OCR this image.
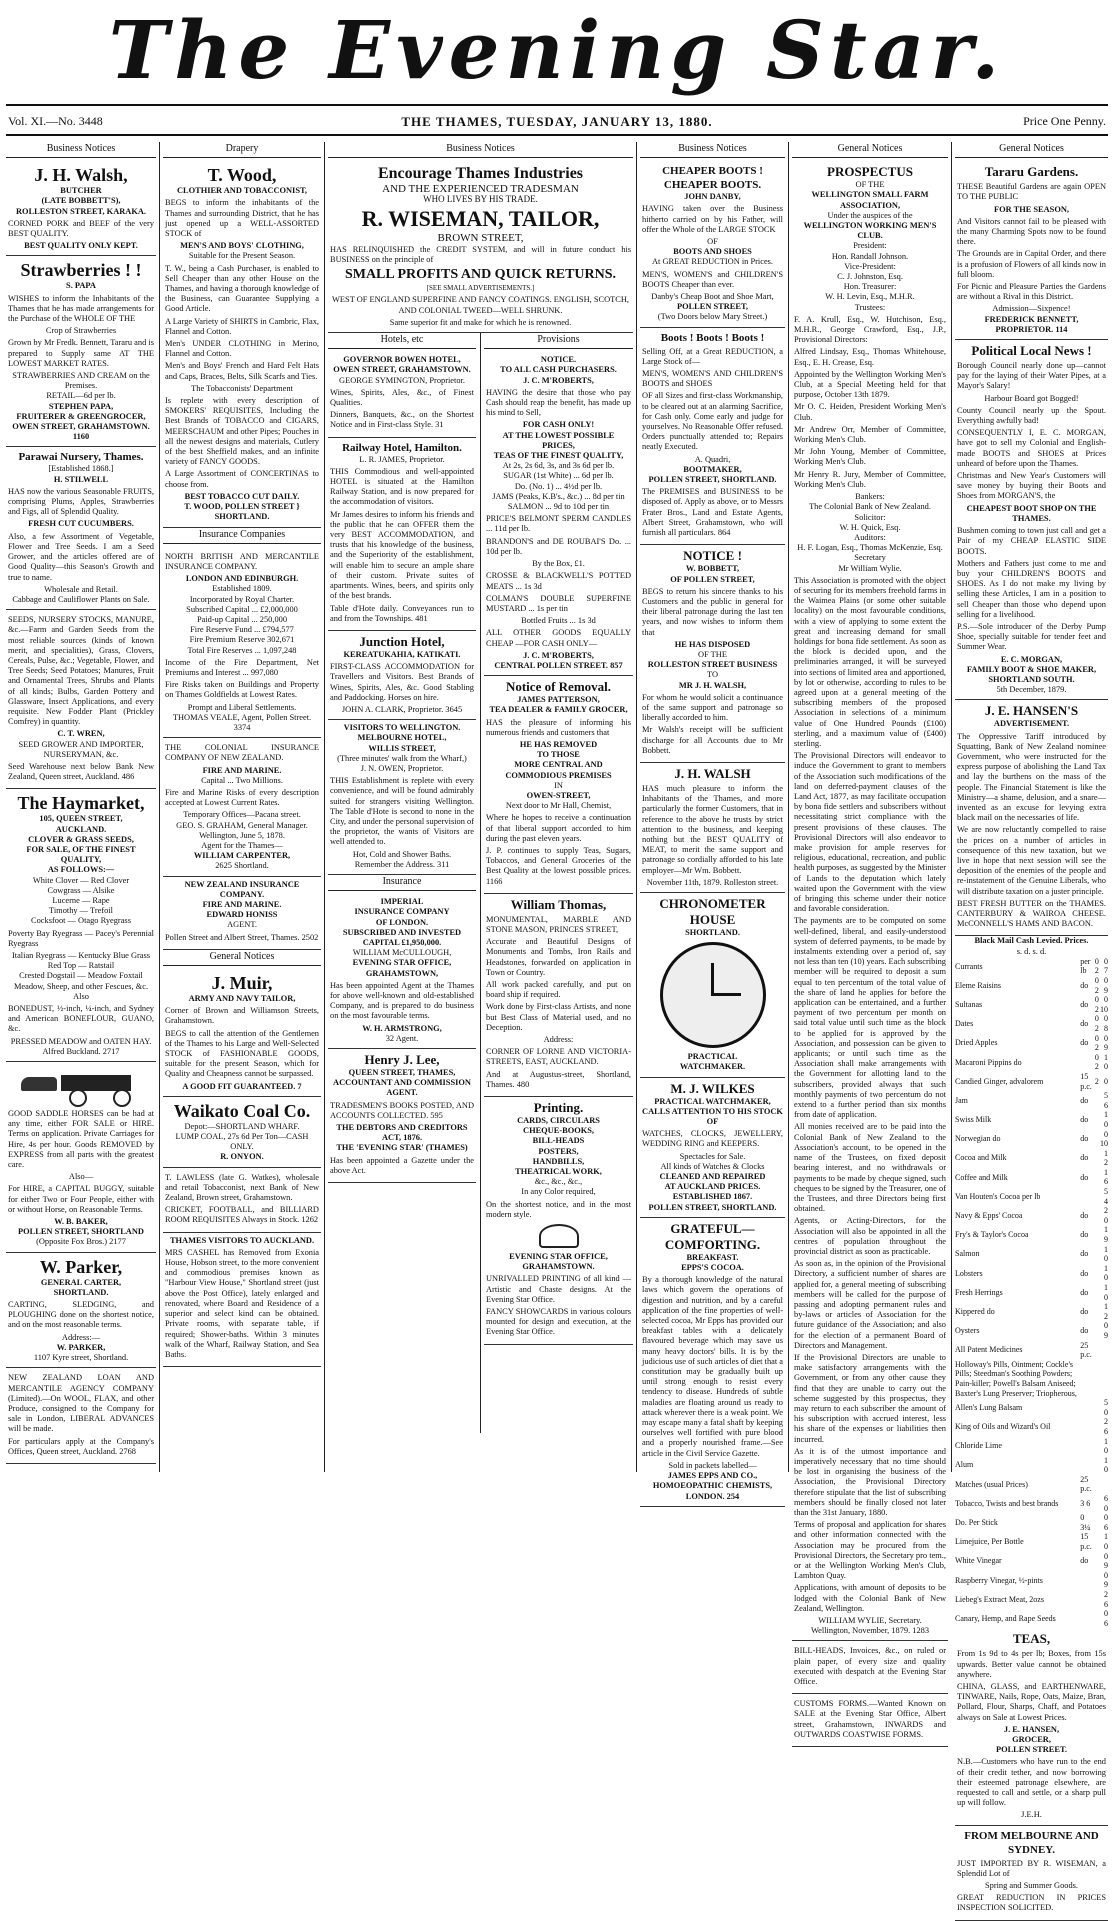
The Evening Star.
Vol. XI.—No. 3448	THE THAMES, TUESDAY, JANUARY 13, 1880.	Price One Penny.
Business Notices
J. H. Walsh,
BUTCHER
(LATE BOBBETT'S),
ROLLESTON STREET, KARAKA.
CORNED PORK and BEEF of the very BEST QUALITY.
BEST QUALITY ONLY KEPT.
Strawberries ! !
S. PAPA
WISHES to inform the Inhabitants of the Thames that he has made arrangements for the Purchase of the WHOLE OF THE
Crop of Strawberries
Grown by Mr Fredk. Bennett, Tararu and is prepared to Supply same AT THE LOWEST MARKET RATES.
STRAWBERRIES AND CREAM on the Premises.
RETAIL—6d per lb.
STEPHEN PAPA,
FRUITERER & GREENGROCER,
OWEN STREET, GRAHAMSTOWN. 1160
Parawai Nursery, Thames.
[Established 1868.]
H. STILWELL
HAS now the various Seasonable FRUITS, comprising Plums, Apples, Strawberries and Figs, all of Splendid Quality.
FRESH CUT CUCUMBERS.
Also, a few Assortment of Vegetable, Flower and Tree Seeds. I am a Seed Grower, and the articles offered are of Good Quality—this Season's Growth and true to name.
Wholesale and Retail.
Cabbage and Cauliflower Plants on Sale.
SEEDS, NURSERY STOCKS, MANURE, &c.—Farm and Garden Seeds from the most reliable sources (kinds of known merit, and specialities), Grass, Clovers, Cereals, Pulse, &c.; Vegetable, Flower, and Tree Seeds; Seed Potatoes; Manures, Fruit and Ornamental Trees, Shrubs and Plants of all kinds; Bulbs, Garden Pottery and Glassware, Insect Applications, and every requisite. New Fodder Plant (Prickley Comfrey) in quantity.
C. T. WREN,
SEED GROWER AND IMPORTER, NURSERYMAN, &c.
Seed Warehouse next below Bank New Zealand, Queen street, Auckland. 486
The Haymarket,
105, QUEEN STREET,
AUCKLAND.
CLOVER & GRASS SEEDS,
FOR SALE, OF THE FINEST QUALITY,
AS FOLLOWS:—
White Clover — Red Clover
Cowgrass — Alsike
Lucerne — Rape
Timothy — Trefoil
Cocksfoot — Otago Ryegrass
Poverty Bay Ryegrass — Pacey's Perennial Ryegrass
Italian Ryegrass — Kentucky Blue Grass
Red Top — Ratstail
Crested Dogstail — Meadow Foxtail
Meadow, Sheep, and other Fescues, &c.
Also
BONEDUST, ½-inch, ¼-inch, and Sydney and American BONEFLOUR, GUANO, &c.
PRESSED MEADOW and OATEN HAY.
Alfred Buckland. 2717
GOOD SADDLE HORSES can be had at any time, either FOR SALE or HIRE. Terms on application. Private Carriages for Hire, 4s per hour. Goods REMOVED by EXPRESS from all parts with the greatest care.
Also—
For HIRE, a CAPITAL BUGGY, suitable for either Two or Four People, either with or without Horse, on Reasonable Terms.
W. B. BAKER,
POLLEN STREET, SHORTLAND
(Opposite Fox Bros.) 2177
W. Parker,
GENERAL CARTER,
SHORTLAND.
CARTING, SLEDGING, and PLOUGHING done on the shortest notice, and on the most reasonable terms.
Address:—
W. PARKER,
1107 Kyre street, Shortland.
NEW ZEALAND LOAN AND MERCANTILE AGENCY COMPANY (Limited).—On WOOL, FLAX, and other Produce, consigned to the Company for sale in London, LIBERAL ADVANCES will be made.
For particulars apply at the Company's Offices, Queen street, Auckland. 2768
Drapery
T. Wood,
CLOTHIER AND TOBACCONIST,
BEGS to inform the inhabitants of the Thames and surrounding District, that he has just opened up a WELL-ASSORTED STOCK of
MEN'S AND BOYS' CLOTHING,
Suitable for the Present Season.
T. W., being a Cash Purchaser, is enabled to Sell Cheaper than any other House on the Thames, and having a thorough knowledge of the Business, can Guarantee Supplying a Good Article.
A Large Variety of SHIRTS in Cambric, Flax, Flannel and Cotton.
Men's UNDER CLOTHING in Merino, Flannel and Cotton.
Men's and Boys' French and Hard Felt Hats and Caps, Braces, Belts, Silk Scarfs and Ties.
The Tobacconists' Department
Is replete with every description of SMOKERS' REQUISITES, Including the Best Brands of TOBACCO and CIGARS, MEERSCHAUM and other Pipes; Pouches in all the newest designs and materials, Cutlery of the best Sheffield makes, and an infinite variety of FANCY GOODS.
A Large Assortment of CONCERTINAS to choose from.
BEST TOBACCO CUT DAILY.
T. WOOD, POLLEN STREET } SHORTLAND.
Insurance Companies
NORTH BRITISH AND MERCANTILE INSURANCE COMPANY.
LONDON AND EDINBURGH.
Established 1809.
Incorporated by Royal Charter.
Subscribed Capital ... £2,000,000
Paid-up Capital ... 250,000
Fire Reserve Fund ... £794,577
Fire Premium Reserve 302,671
Total Fire Reserves ... 1,097,248
Income of the Fire Department, Net Premiums and Interest ... 997,080
Fire Risks taken on Buildings and Property on Thames Goldfields at Lowest Rates.
Prompt and Liberal Settlements.
THOMAS VEALE, Agent, Pollen Street. 3374
THE COLONIAL INSURANCE COMPANY OF NEW ZEALAND.
FIRE AND MARINE.
Capital ... Two Millions.
Fire and Marine Risks of every description accepted at Lowest Current Rates.
Temporary Offices—Pacana street.
GEO. S. GRAHAM, General Manager.
Wellington, June 5, 1878.
Agent for the Thames—
WILLIAM CARPENTER,
2625 Shortland.
NEW ZEALAND INSURANCE COMPANY.
FIRE AND MARINE.
EDWARD HONISS
AGENT.
Pollen Street and Albert Street, Thames. 2502
General Notices
J. Muir,
ARMY AND NAVY TAILOR,
Corner of Brown and Williamson Streets, Grahamstown.
BEGS to call the attention of the Gentlemen of the Thames to his Large and Well-Selected STOCK of FASHIONABLE GOODS, suitable for the present Season, which for Quality and Cheapness cannot be surpassed.
A GOOD FIT GUARANTEED. 7
Waikato Coal Co.
Depot:—SHORTLAND WHARF.
LUMP COAL, 27s 6d Per Ton—CASH ONLY.
R. ONYON.
T. LAWLESS (late G. Watkes), wholesale and retail Tobacconist, next Bank of New Zealand, Brown street, Grahamstown.
CRICKET, FOOTBALL, and BILLIARD ROOM REQUISITES Always in Stock. 1262
THAMES VISITORS TO AUCKLAND.
MRS CASHEL has Removed from Exonia House, Hobson street, to the more convenient and commodious premises known as "Harbour View House," Shortland street (just above the Post Office), lately enlarged and renovated, where Board and Residence of a superior and select kind can be obtained. Private rooms, with separate table, if required; Shower-baths. Within 3 minutes walk of the Wharf, Railway Station, and Sea Baths.
Business Notices
Encourage Thames Industries
AND THE EXPERIENCED TRADESMAN
WHO LIVES BY HIS TRADE.
R. WISEMAN, TAILOR,
BROWN STREET,
HAS RELINQUISHED the CREDIT SYSTEM, and will in future conduct his BUSINESS on the principle of
SMALL PROFITS AND QUICK RETURNS.
[SEE SMALL ADVERTISEMENTS.]
WEST OF ENGLAND SUPERFINE AND FANCY COATINGS. ENGLISH, SCOTCH, AND COLONIAL TWEED—WELL SHRUNK.
Same superior fit and make for which he is renowned.
Hotels, etc
GOVERNOR BOWEN HOTEL,
OWEN STREET, GRAHAMSTOWN.
GEORGE SYMINGTON, Proprietor.
Wines, Spirits, Ales, &c., of Finest Qualities.
Dinners, Banquets, &c., on the Shortest Notice and in First-class Style. 31
Railway Hotel, Hamilton.
L. R. JAMES, Proprietor.
THIS Commodious and well-appointed HOTEL is situated at the Hamilton Railway Station, and is now prepared for the accommodation of visitors.
Mr James desires to inform his friends and the public that he can OFFER them the very BEST ACCOMMODATION, and trusts that his knowledge of the business, and the Superiority of the establishment, will enable him to secure an ample share of their custom. Private suites of apartments. Wines, beers, and spirits only of the best brands.
Table d'Hote daily. Conveyances run to and from the Townships. 481
Junction Hotel,
KEREATUKAHIA, KATIKATI.
FIRST-CLASS ACCOMMODATION for Travellers and Visitors. Best Brands of Wines, Spirits, Ales, &c. Good Stabling and Paddocking. Horses on hire.
JOHN A. CLARK, Proprietor. 3645
VISITORS TO WELLINGTON.
MELBOURNE HOTEL,
WILLIS STREET,
(Three minutes' walk from the Wharf,)
J. N. OWEN, Proprietor.
THIS Establishment is replete with every convenience, and will be found admirably suited for strangers visiting Wellington. The Table d'Hote is second to none in the City, and under the personal supervision of the proprietor, the wants of Visitors are well attended to.
Hot, Cold and Shower Baths.
Remember the Address. 311
Insurance
IMPERIAL
INSURANCE COMPANY
OF LONDON.
SUBSCRIBED AND INVESTED
CAPITAL £1,950,000.
WILLIAM McCULLOUGH,
EVENING STAR OFFICE,
GRAHAMSTOWN,
Has been appointed Agent at the Thames for above well-known and old-established Company, and is prepared to do business on the most favourable terms.
W. H. ARMSTRONG,
32 Agent.
Henry J. Lee,
QUEEN STREET, THAMES,
ACCOUNTANT AND COMMISSION AGENT.
TRADESMEN'S BOOKS POSTED, AND ACCOUNTS COLLECTED. 595
THE DEBTORS AND CREDITORS ACT, 1876.
THE 'EVENING STAR' (THAMES)
Has been appointed a Gazette under the above Act.
Provisions
NOTICE.
TO ALL CASH PURCHASERS.
J. C. M'ROBERTS,
HAVING the desire that those who pay Cash should reap the benefit, has made up his mind to Sell,
FOR CASH ONLY!
AT THE LOWEST POSSIBLE PRICES,
TEAS OF THE FINEST QUALITY,
At 2s, 2s 6d, 3s, and 3s 6d per lb.
SUGAR (1st White) ... 6d per lb.
Do. (No. 1) ... 4½d per lb.
JAMS (Peaks, K.B's., &c.) ... 8d per tin
SALMON ... 9d to 10d per tin
PRICE'S BELMONT SPERM CANDLES ... 11d per lb.
BRANDON'S and DE ROUBAI'S Do. ... 10d per lb.
By the Box, £1.
CROSSE & BLACKWELL'S POTTED MEATS ... 1s 3d
COLMAN'S DOUBLE SUPERFINE MUSTARD ... 1s per tin
Bottled Fruits ... 1s 3d
ALL OTHER GOODS EQUALLY CHEAP —FOR CASH ONLY—
J. C. M'ROBERTS,
CENTRAL POLLEN STREET. 857
Notice of Removal.
JAMES PATTERSON,
TEA DEALER & FAMILY GROCER,
HAS the pleasure of informing his numerous friends and customers that
HE HAS REMOVED
TO THOSE
MORE CENTRAL AND COMMODIOUS PREMISES
IN
OWEN-STREET,
Next door to Mr Hall, Chemist,
Where he hopes to receive a continuation of that liberal support accorded to him during the past eleven years.
J. P. continues to supply Teas, Sugars, Tobaccos, and General Groceries of the Best Quality at the lowest possible prices. 1166
William Thomas,
MONUMENTAL, MARBLE AND STONE MASON, PRINCES STREET,
Accurate and Beautiful Designs of Monuments and Tombs, Iron Rails and Headstones, forwarded on application in Town or Country.
All work packed carefully, and put on board ship if required.
Work done by First-class Artists, and none but Best Class of Material used, and no Deception.
Address:
CORNER OF LORNE AND VICTORIA-STREETS, EAST, AUCKLAND.
And at Augustus-street, Shortland, Thames. 480
Printing.
CARDS, CIRCULARS
CHEQUE-BOOKS,
BILL-HEADS
POSTERS,
HANDBILLS,
THEATRICAL WORK,
&c., &c., &c.,
In any Color required,
On the shortest notice, and in the most modern style.
EVENING STAR OFFICE,
GRAHAMSTOWN.
UNRIVALLED PRINTING of all kind —Artistic and Chaste designs. At the Evening Star Office.
FANCY SHOWCARDS in various colours mounted for design and execution, at the Evening Star Office.
Business Notices
CHEAPER BOOTS ! CHEAPER BOOTS.
JOHN DANBY,
HAVING taken over the Business hitherto carried on by his Father, will offer the Whole of the LARGE STOCK
OF
BOOTS AND SHOES
At GREAT REDUCTION in Prices.
MEN'S, WOMEN'S and CHILDREN'S BOOTS Cheaper than ever.
Danby's Cheap Boot and Shoe Mart,
POLLEN STREET,
(Two Doors below Mary Street.)
Boots ! Boots ! Boots !
Selling Off, at a Great REDUCTION, a Large Stock of—
MEN'S, WOMEN'S AND CHILDREN'S BOOTS and SHOES
OF all Sizes and first-class Workmanship, to be cleared out at an alarming Sacrifice, for Cash only. Come early and judge for yourselves. No Reasonable Offer refused. Orders punctually attended to; Repairs neatly Executed.
A. Quadri,
BOOTMAKER,
POLLEN STREET, SHORTLAND.
The PREMISES and BUSINESS to be disposed of. Apply as above, or to Messrs Frater Bros., Land and Estate Agents, Albert Street, Grahamstown, who will furnish all particulars. 864
NOTICE !
W. BOBBETT,
OF POLLEN STREET,
BEGS to return his sincere thanks to his Customers and the public in general for their liberal patronage during the last ten years, and now wishes to inform them that
HE HAS DISPOSED
OF THE
ROLLESTON STREET BUSINESS
TO
MR J. H. WALSH,
For whom he would solicit a continuance of the same support and patronage so liberally accorded to him.
Mr Walsh's receipt will be sufficient discharge for all Accounts due to Mr Bobbett.
J. H. WALSH
HAS much pleasure to inform the Inhabitants of the Thames, and more particularly the former Customers, that in reference to the above he trusts by strict attention to the business, and keeping nothing but the BEST QUALITY of MEAT, to merit the same support and patronage so cordially afforded to his late employer—Mr Wm. Bobbett.
November 11th, 1879. Rolleston street.
CHRONOMETER HOUSE
SHORTLAND.
PRACTICAL
WATCHMAKER.
M. J. WILKES
PRACTICAL WATCHMAKER,
CALLS ATTENTION TO HIS STOCK OF
WATCHES, CLOCKS, JEWELLERY, WEDDING RING and KEEPERS.
Spectacles for Sale.
All kinds of Watches & Clocks
CLEANED AND REPAIRED
AT AUCKLAND PRICES.
ESTABLISHED 1867.
POLLEN STREET, SHORTLAND.
GRATEFUL—COMFORTING.
BREAKFAST.
EPPS'S COCOA.
By a thorough knowledge of the natural laws which govern the operations of digestion and nutrition, and by a careful application of the fine properties of well-selected cocoa, Mr Epps has provided our breakfast tables with a delicately flavoured beverage which may save us many heavy doctors' bills. It is by the judicious use of such articles of diet that a constitution may be gradually built up until strong enough to resist every tendency to disease. Hundreds of subtle maladies are floating around us ready to attack wherever there is a weak point. We may escape many a fatal shaft by keeping ourselves well fortified with pure blood and a properly nourished frame.—See article in the Civil Service Gazette.
Sold in packets labelled—
JAMES EPPS AND CO.,
HOMOEOPATHIC CHEMISTS,
LONDON. 254
General Notices
PROSPECTUS
OF THE
WELLINGTON SMALL FARM ASSOCIATION,
Under the auspices of the
WELLINGTON WORKING MEN'S CLUB.
President:
Hon. Randall Johnson.
Vice-President:
C. J. Johnston, Esq.
Hon. Treasurer:
W. H. Levin, Esq., M.H.R.
Trustees:
F. A. Krull, Esq., W. Hutchison, Esq., M.H.R., George Crawford, Esq., J.P., Provisional Directors:
Alfred Lindsay, Esq., Thomas Whitehouse, Esq., E. H. Crease, Esq.
Appointed by the Wellington Working Men's Club, at a Special Meeting held for that purpose, October 13th 1879.
Mr O. C. Heiden, President Working Men's Club.
Mr Andrew Orr, Member of Committee, Working Men's Club.
Mr John Young, Member of Committee, Working Men's Club.
Mr Henry R. Jury, Member of Committee, Working Men's Club.
Bankers:
The Colonial Bank of New Zealand.
Solicitor:
W. H. Quick, Esq.
Auditors:
H. F. Logan, Esq., Thomas McKenzie, Esq.
Secretary
Mr William Wylie.
This Association is promoted with the object of securing for its members freehold farms in the Waimea Plains (or some other suitable locality) on the most favourable conditions, with a view of applying to some extent the great and increasing demand for small holdings for bona fide settlement. As soon as the block is decided upon, and the preliminaries arranged, it will be surveyed into sections of limited area and apportioned, by lot or otherwise, according to rules to be agreed upon at a general meeting of the subscribing members of the proposed Association in selections of a minimum value of One Hundred Pounds (£100) sterling, and a maximum value of (£400) sterling.
The Provisional Directors will endeavor to induce the Government to grant to members of the Association such modifications of the land on deferred-payment clauses of the Land Act, 1877, as may facilitate occupation by bona fide settlers and subscribers without necessitating strict compliance with the present provisions of these clauses. The Provisional Directors will also endeavor to make provision for ample reserves for religious, educational, recreation, and public health purposes, as suggested by the Minister of Lands to the deputation which lately waited upon the Government with the view of bringing this scheme under their notice and favorable consideration.
The payments are to be computed on some well-defined, liberal, and easily-understood system of deferred payments, to be made by instalments extending over a period of, say not less than ten (10) years. Each subscribing member will be required to deposit a sum equal to ten percentum of the total value of the share of land he applies for before the application can be entertained, and a further payment of two percentum per month on said total value until such time as the block to be applied for is approved by the Association, and possession can be given to applicants; or until such time as the Association shall make arrangements with the Government for allotting land to the subscribers, provided always that such monthly payments of two percentum do not extend to a further period than six months from date of application.
All monies received are to be paid into the Colonial Bank of New Zealand to the Association's account, to be opened in the name of the Trustees, on fixed deposit bearing interest, and no withdrawals or payments to be made by cheque signed, such cheques to be signed by the Treasurer, one of the Trustees, and three Directors being first obtained.
Agents, or Acting-Directors, for the Association will also be appointed in all the centres of population throughout the provincial district as soon as practicable.
As soon as, in the opinion of the Provisional Directory, a sufficient number of shares are applied for, a general meeting of subscribing members will be called for the purpose of passing and adopting permanent rules and by-laws or articles of Association for the future guidance of the Association; and also for the election of a permanent Board of Directors and Management.
If the Provisional Directors are unable to make satisfactory arrangements with the Government, or from any other cause they find that they are unable to carry out the scheme suggested by this prospectus, they may return to each subscriber the amount of his subscription with accrued interest, less his share of the expenses or liabilities then incurred.
As it is of the utmost importance and imperatively necessary that no time should be lost in organising the business of the Association, the Provisional Directory therefore stipulate that the list of subscribing members should be finally closed not later than the 31st January, 1880.
Terms of proposal and application for shares and other information connected with the Association may be procured from the Provisional Directors, the Secretary pro tem., or at the Wellington Working Men's Club, Lambton Quay.
Applications, with amount of deposits to be lodged with the Colonial Bank of New Zealand, Wellington.
WILLIAM WYLIE, Secretary.
Wellington, November, 1879. 1283
BILL-HEADS, Invoices, &c., on ruled or plain paper, of every size and quality executed with despatch at the Evening Star Office.
CUSTOMS FORMS.—Wanted Known on SALE at the Evening Star Office, Albert street, Grahamstown, INWARDS and OUTWARDS COASTWISE FORMS.
General Notices
Tararu Gardens.
THESE Beautiful Gardens are again OPEN TO THE PUBLIC
FOR THE SEASON,
And Visitors cannot fail to be pleased with the many Charming Spots now to be found there.
The Grounds are in Capital Order, and there is a profusion of Flowers of all kinds now in full bloom.
For Picnic and Pleasure Parties the Gardens are without a Rival in this District.
Admission—Sixpence!
FREDERICK BENNETT,
PROPRIETOR. 114
Political Local News !
Borough Council nearly done up—cannot pay for the laying of their Water Pipes, at a Mayor's Salary!
Harbour Board got Bogged!
County Council nearly up the Spout. Everything awfully bad!
CONSEQUENTLY I, E. C. MORGAN, have got to sell my Colonial and English-made BOOTS and SHOES at Prices unheard of before upon the Thames.
Christmas and New Year's Customers will save money by buying their Boots and Shoes from MORGAN'S, the
CHEAPEST BOOT SHOP ON THE THAMES.
Bushmen coming to town just call and get a Pair of my CHEAP ELASTIC SIDE BOOTS.
Mothers and Fathers just come to me and buy your CHILDREN'S BOOTS and SHOES. As I do not make my living by selling these Articles, I am in a position to sell Cheaper than those who depend upon selling for a livelihood.
P.S.—Sole introducer of the Derby Pump Shoe, specially suitable for tender feet and Summer Wear.
E. C. MORGAN,
FAMILY BOOT & SHOE MAKER,
SHORTLAND SOUTH.
5th December, 1879.
J. E. HANSEN'S
ADVERTISEMENT.
The Oppressive Tariff introduced by Squatting, Bank of New Zealand nominee Government, who were instructed for the express purpose of abolishing the Land Tax and lay the burthens on the mass of the people. The Financial Statement is like the Ministry—a shame, delusion, and a snare—invented as an excuse for levying extra black mail on the necessaries of life.
We are now reluctantly compelled to raise the prices on a number of articles in consequence of this new taxation, but we live in hope that next session will see the deposition of the enemies of the people and re-instatement of the Genuine Liberals, who will distribute taxation on a juster principle.
BEST FRESH BUTTER on the THAMES. CANTERBURY & WAIROA CHEESE. McCONNELL'S HAMS AND BACON.
Black Mail Cash Levied. Prices.
s. d. s. d.
Currants	per lb	0 2	0 7
Eleme Raisins	do	0 2	0 9
Sultanas	do	0 2	0 10
Dates	do	0 2	0 8
Dried Apples	do	0 2	0 9
Macaroni Pippins do		0 2	1 0
Candied Ginger, advalorem	15 p.c.	2	0
Jam	do		5 6
Swiss Milk	do		1 0
Norwegian do	do		0 10
Cocoa and Milk	do		1 2
Coffee and Milk	do		1 6
Van Houten's Cocoa per lb			5 4
Navy & Epps' Cocoa	do		2 0
Fry's & Taylor's Cocoa	do		1 9
Salmon	do		1 0
Lobsters	do		1 0
Fresh Herrings	do		1 0
Kippered do	do		1 2
Oysters	do		0 9
All Patent Medicines	25 p.c.		
Holloway's Pills, Ointment; Cockle's Pills; Steedman's Soothing Powders; Pain-killer; Powell's Balsam Aniseed; Baxter's Lung Preserver; Triopherous,			
Allen's Lung Balsam			5 0
King of Oils and Wizard's Oil			2 6
Chloride Lime			1 0
Alum			1 0
Matches (usual Prices)	25 p.c.		
Tobacco, Twists and best brands	3 6		6 0
Do. Per Stick	0 3¼		0 6
Limejuice, Per Bottle	15 p.c.		1 0
White Vinegar	do		0 9
Raspberry Vinegar, ½-pints			0 9
Liebeg's Extract Meat, 2ozs			2 6
Canary, Hemp, and Rape Seeds			0 6
TEAS,
From 1s 9d to 4s per lb; Boxes, from 15s upwards. Better value cannot be obtained anywhere.
CHINA, GLASS, and EARTHENWARE, TINWARE, Nails, Rope, Oats, Maize, Bran, Pollard, Flour, Sharps, Chaff, and Potatoes always on Sale at Lowest Prices.
J. E. HANSEN,
GROCER,
POLLEN STREET.
N.B.—Customers who have run to the end of their credit tether, and now borrowing their esteemed patronage elsewhere, are requested to call and settle, or a sharp pull up will follow.
J.E.H.
FROM MELBOURNE AND SYDNEY.
JUST IMPORTED BY R. WISEMAN, a Splendid Lot of
Spring and Summer Goods.
GREAT REDUCTION IN PRICES INSPECTION SOLICITED.
